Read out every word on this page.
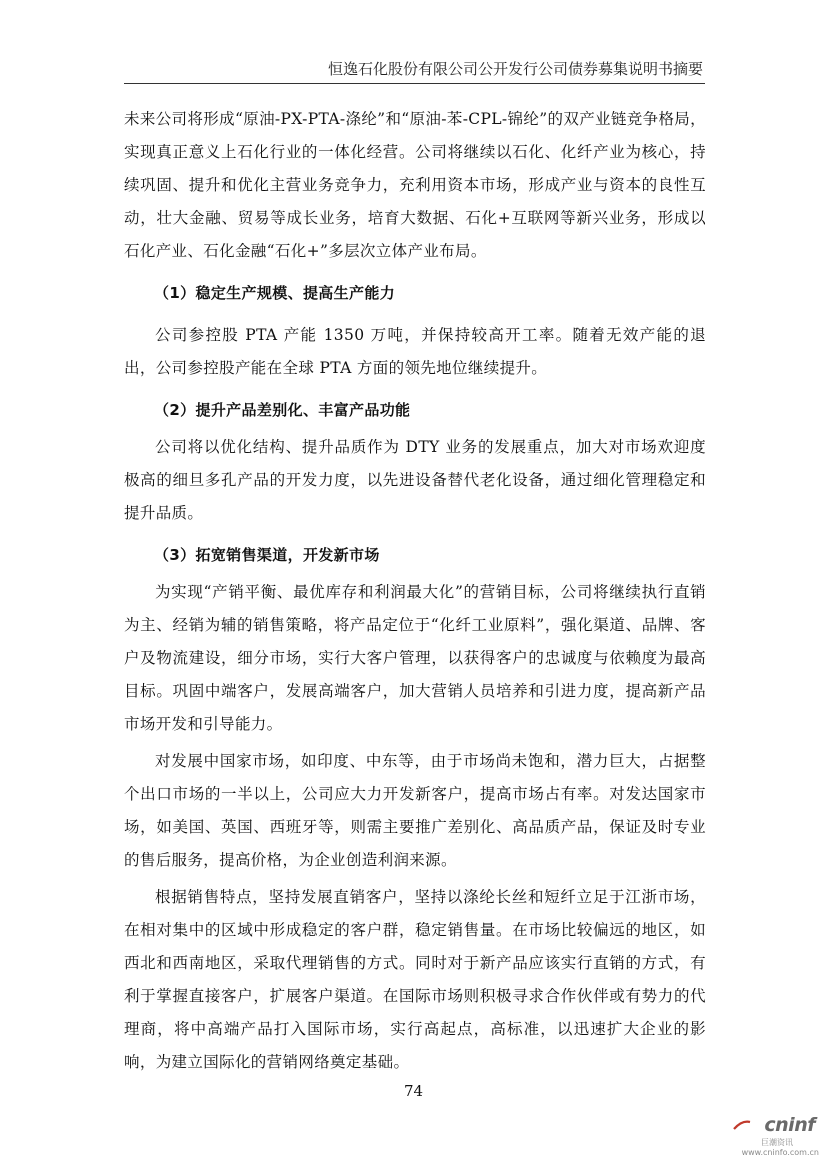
恒逸石化股份有限公司公开发行公司债券募集说明书摘要

未来公司将形成“原油-PX-PTA-涤纶”和“原油-苯-CPL-锦纶”的双产业链竞争格局，实现真正意义上石化行业的一体化经营。公司将继续以石化、化纤产业为核心，持续巩固、提升和优化主营业务竞争力，充利用资本市场，形成产业与资本的良性互动，壮大金融、贸易等成长业务，培育大数据、石化+互联网等新兴业务，形成以石化产业、石化金融“石化+”多层次立体产业布局。

（1）稳定生产规模、提高生产能力

公司参控股 PTA 产能 1350 万吨，并保持较高开工率。随着无效产能的退出，公司参控股产能在全球 PTA 方面的领先地位继续提升。

（2）提升产品差别化、丰富产品功能

公司将以优化结构、提升品质作为 DTY 业务的发展重点，加大对市场欢迎度极高的细旦多孔产品的开发力度，以先进设备替代老化设备，通过细化管理稳定和提升品质。

（3）拓宽销售渠道，开发新市场

为实现“产销平衡、最优库存和利润最大化”的营销目标，公司将继续执行直销为主、经销为辅的销售策略，将产品定位于“化纤工业原料”，强化渠道、品牌、客户及物流建设，细分市场，实行大客户管理，以获得客户的忠诚度与依赖度为最高目标。巩固中端客户，发展高端客户，加大营销人员培养和引进力度，提高新产品市场开发和引导能力。

对发展中国家市场，如印度、中东等，由于市场尚未饱和，潜力巨大，占据整个出口市场的一半以上，公司应大力开发新客户，提高市场占有率。对发达国家市场，如美国、英国、西班牙等，则需主要推广差别化、高品质产品，保证及时专业的售后服务，提高价格，为企业创造利润来源。

根据销售特点，坚持发展直销客户，坚持以涤纶长丝和短纤立足于江浙市场，在相对集中的区域中形成稳定的客户群，稳定销售量。在市场比较偏远的地区，如西北和西南地区，采取代理销售的方式。同时对于新产品应该实行直销的方式，有利于掌握直接客户，扩展客户渠道。在国际市场则积极寻求合作伙伴或有势力的代理商，将中高端产品打入国际市场，实行高起点，高标准，以迅速扩大企业的影响，为建立国际化的营销网络奠定基础。

74
cninf
巨潮资讯
www.cninfo.com.cn
